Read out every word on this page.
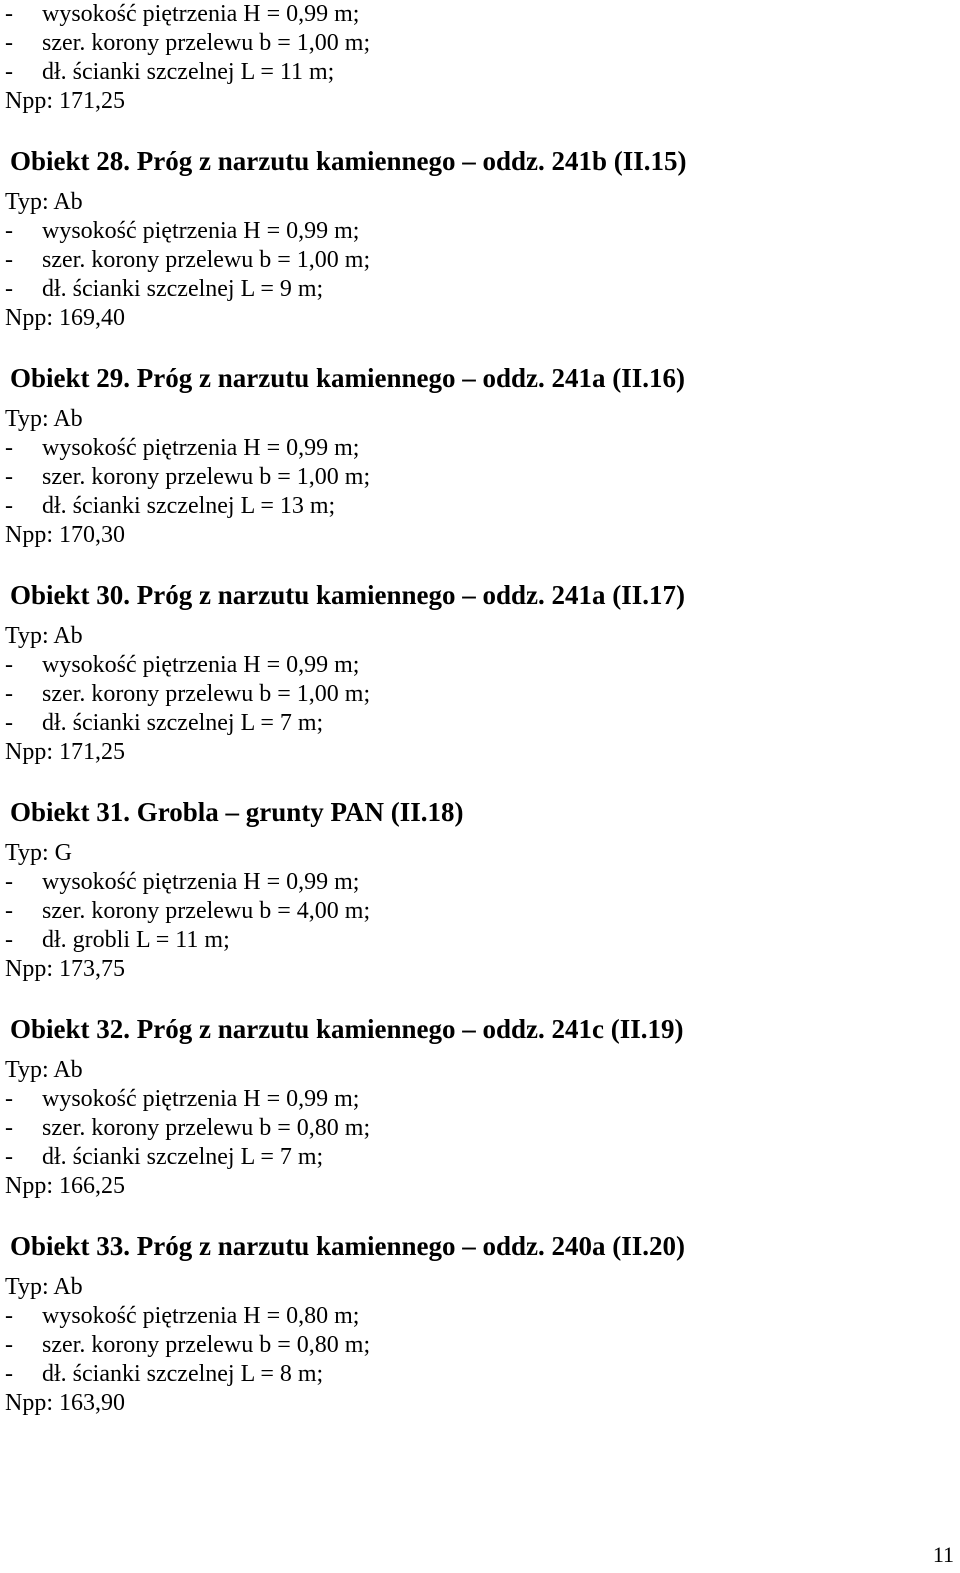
-	wysokość piętrzenia H = 0,99 m;
-	szer. korony przelewu b = 1,00 m;
-	dł. ścianki szczelnej L = 11 m;
Npp: 171,25
Obiekt 28. Próg z narzutu kamiennego – oddz. 241b (II.15)
Typ: Ab
-	wysokość piętrzenia H = 0,99 m;
-	szer. korony przelewu b = 1,00 m;
-	dł. ścianki szczelnej L = 9 m;
Npp: 169,40
Obiekt 29. Próg z narzutu kamiennego – oddz. 241a (II.16)
Typ: Ab
-	wysokość piętrzenia H = 0,99 m;
-	szer. korony przelewu b = 1,00 m;
-	dł. ścianki szczelnej L = 13 m;
Npp: 170,30
Obiekt 30. Próg z narzutu kamiennego – oddz. 241a (II.17)
Typ: Ab
-	wysokość piętrzenia H = 0,99 m;
-	szer. korony przelewu b = 1,00 m;
-	dł. ścianki szczelnej L = 7 m;
Npp: 171,25
Obiekt 31. Grobla – grunty PAN (II.18)
Typ: G
-	wysokość piętrzenia H = 0,99 m;
-	szer. korony przelewu b = 4,00 m;
-	dł. grobli L = 11 m;
Npp: 173,75
Obiekt 32. Próg z narzutu kamiennego – oddz. 241c (II.19)
Typ: Ab
-	wysokość piętrzenia H = 0,99 m;
-	szer. korony przelewu b = 0,80 m;
-	dł. ścianki szczelnej L = 7 m;
Npp: 166,25
Obiekt 33. Próg z narzutu kamiennego – oddz. 240a (II.20)
Typ: Ab
-	wysokość piętrzenia H = 0,80 m;
-	szer. korony przelewu b = 0,80 m;
-	dł. ścianki szczelnej L = 8 m;
Npp: 163,90
11
